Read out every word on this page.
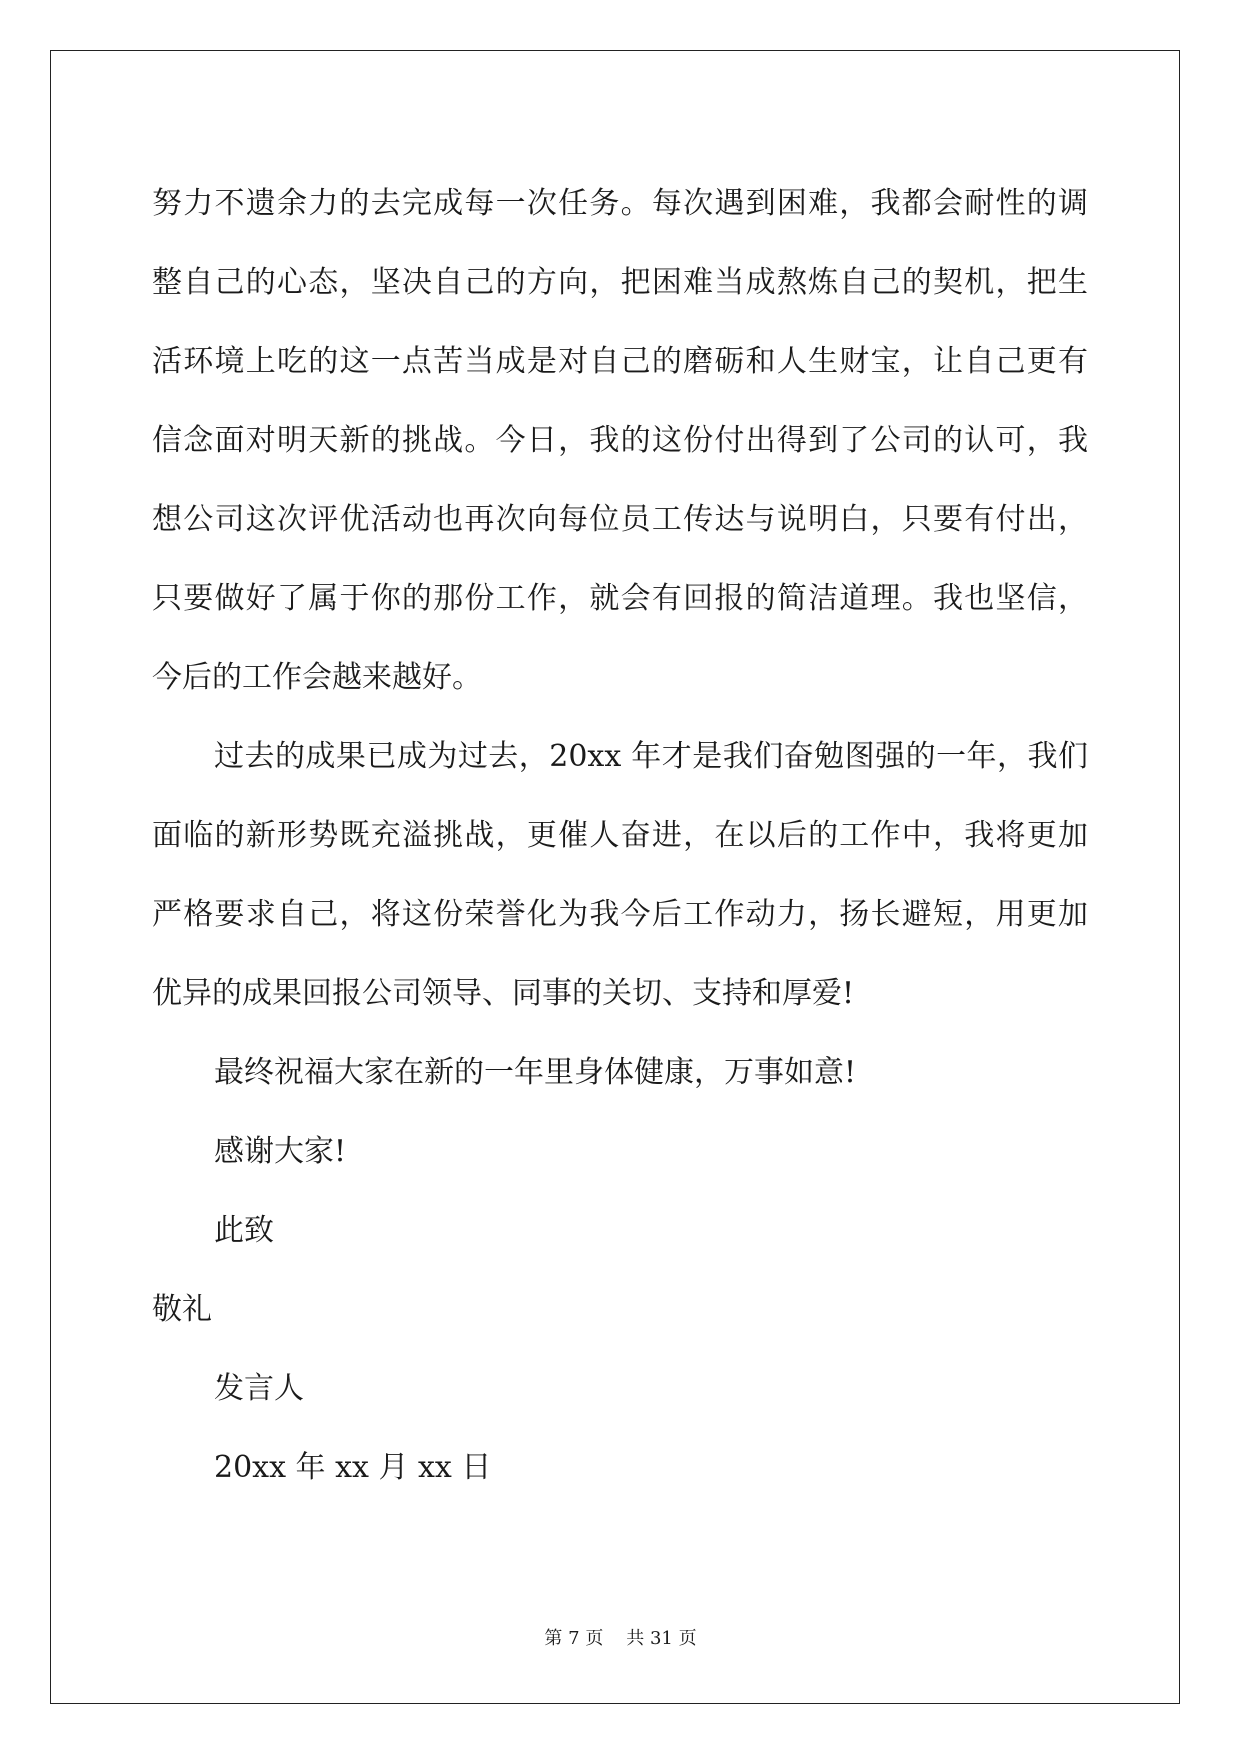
努力不遗余力的去完成每一次任务。每次遇到困难，我都会耐性的调
整自己的心态，坚决自己的方向，把困难当成熬炼自己的契机，把生
活环境上吃的这一点苦当成是对自己的磨砺和人生财宝，让自己更有
信念面对明天新的挑战。今日，我的这份付出得到了公司的认可，我
想公司这次评优活动也再次向每位员工传达与说明白，只要有付出，
只要做好了属于你的那份工作，就会有回报的简洁道理。我也坚信，
今后的工作会越来越好。
过去的成果已成为过去，20xx 年才是我们奋勉图强的一年，我们
面临的新形势既充溢挑战，更催人奋进，在以后的工作中，我将更加
严格要求自己，将这份荣誉化为我今后工作动力，扬长避短，用更加
优异的成果回报公司领导、同事的关切、支持和厚爱!
最终祝福大家在新的一年里身体健康，万事如意!
感谢大家!
此致
敬礼
发言人
20xx 年 xx 月 xx 日
第 7 页 共 31 页
